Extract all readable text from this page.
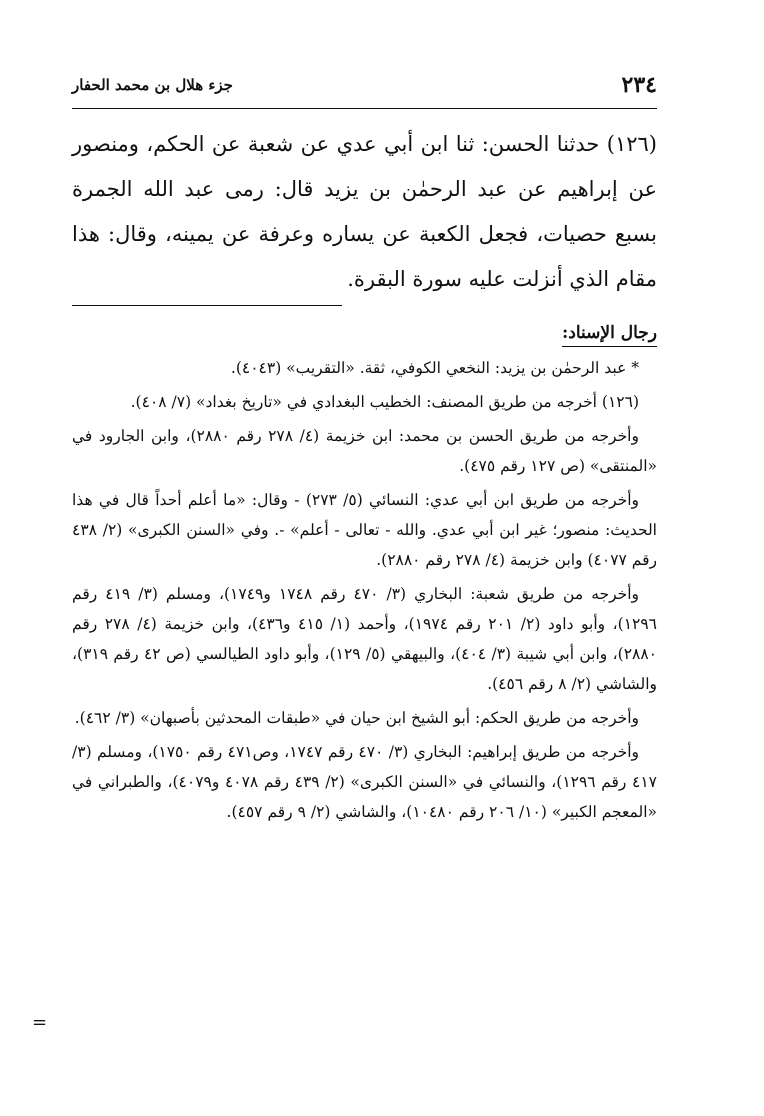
٢٣٤
جزء هلال بن محمد الحفار

(١٢٦) حدثنا الحسن: ثنا ابن أبي عدي عن شعبة عن الحكم، ومنصور عن إبراهيم عن عبد الرحمٰن بن يزيد قال: رمى عبد الله الجمرة بسبع حصيات، فجعل الكعبة عن يساره وعرفة عن يمينه، وقال: هذا مقام الذي أنزلت عليه سورة البقرة.

رجال الإسناد:

* عبد الرحمٰن بن يزيد: النخعي الكوفي، ثقة. «التقريب» (٤٠٤٣).

(١٢٦) أخرجه من طريق المصنف: الخطيب البغدادي في «تاريخ بغداد» (٧/ ٤٠٨).

وأخرجه من طريق الحسن بن محمد: ابن خزيمة (٤/ ٢٧٨ رقم ٢٨٨٠)، وابن الجارود في «المنتقى» (ص ١٢٧ رقم ٤٧٥).

وأخرجه من طريق ابن أبي عدي: النسائي (٥/ ٢٧٣) - وقال: «ما أعلم أحداً قال في هذا الحديث: منصور؛ غير ابن أبي عدي. والله - تعالى - أعلم» -. وفي «السنن الكبرى» (٢/ ٤٣٨ رقم ٤٠٧٧) وابن خزيمة (٤/ ٢٧٨ رقم ٢٨٨٠).

وأخرجه من طريق شعبة: البخاري (٣/ ٤٧٠ رقم ١٧٤٨ و١٧٤٩)، ومسلم (٣/ ٤١٩ رقم ١٢٩٦)، وأبو داود (٢/ ٢٠١ رقم ١٩٧٤)، وأحمد (١/ ٤١٥ و٤٣٦)، وابن خزيمة (٤/ ٢٧٨ رقم ٢٨٨٠)، وابن أبي شيبة (٣/ ٤٠٤)، والبيهقي (٥/ ١٢٩)، وأبو داود الطيالسي (ص ٤٢ رقم ٣١٩)، والشاشي (٢/ ٨ رقم ٤٥٦).

وأخرجه من طريق الحكم: أبو الشيخ ابن حيان في «طبقات المحدثين بأصبهان» (٣/ ٤٦٢).

وأخرجه من طريق إبراهيم: البخاري (٣/ ٤٧٠ رقم ١٧٤٧، وص٤٧١ رقم ١٧٥٠)، ومسلم (٣/ ٤١٧ رقم ١٢٩٦)، والنسائي في «السنن الكبرى» (٢/ ٤٣٩ رقم ٤٠٧٨ و٤٠٧٩)، والطبراني في «المعجم الكبير» (١٠/ ٢٠٦ رقم ١٠٤٨٠)، والشاشي (٢/ ٩ رقم ٤٥٧).

=
